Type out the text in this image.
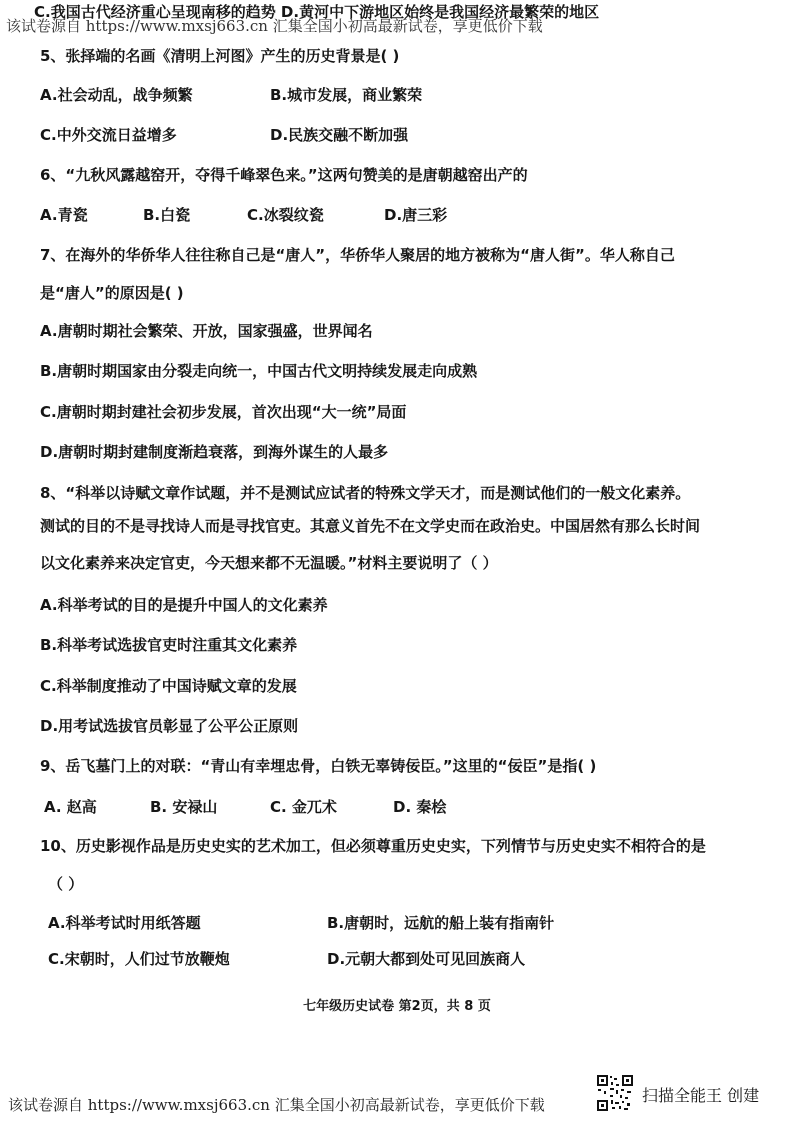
C.我国古代经济重心呈现南移的趋势 D.黄河中下游地区始终是我国经济最繁荣的地区
该试卷源自 https://www.mxsj663.cn 汇集全国小初高最新试卷，享更低价下载
5、张择端的名画《清明上河图》产生的历史背景是( )
A.社会动乱，战争频繁	B.城市发展，商业繁荣
C.中外交流日益增多	D.民族交融不断加强
6、“九秋风露越窑开，夺得千峰翠色来。”这两句赞美的是唐朝越窑出产的
A.青瓷	B.白瓷	C.冰裂纹瓷	D.唐三彩
7、在海外的华侨华人往往称自己是“唐人”，华侨华人聚居的地方被称为“唐人街”。华人称自己
是“唐人”的原因是( )
A.唐朝时期社会繁荣、开放，国家强盛，世界闻名
B.唐朝时期国家由分裂走向统一，中国古代文明持续发展走向成熟
C.唐朝时期封建社会初步发展，首次出现“大一统”局面
D.唐朝时期封建制度渐趋衰落，到海外谋生的人最多
8、“科举以诗赋文章作试题，并不是测试应试者的特殊文学天才，而是测试他们的一般文化素养。
测试的目的不是寻找诗人而是寻找官吏。其意义首先不在文学史而在政治史。中国居然有那么长时间
以文化素养来决定官吏，今天想来都不无温暖。”材料主要说明了（ ）
A.科举考试的目的是提升中国人的文化素养
B.科举考试选拔官吏时注重其文化素养
C.科举制度推动了中国诗赋文章的发展
D.用考试选拔官员彰显了公平公正原则
9、岳飞墓门上的对联：“青山有幸埋忠骨，白铁无辜铸佞臣。”这里的“佞臣”是指( )
A. 赵高	B. 安禄山	C. 金兀术	D. 秦桧
10、历史影视作品是历史史实的艺术加工，但必须尊重历史史实，下列情节与历史史实不相符合的是
（ ）
A.科举考试时用纸答题	B.唐朝时，远航的船上装有指南针
C.宋朝时，人们过节放鞭炮	D.元朝大都到处可见回族商人
七年级历史试卷 第2页，共 8 页
该试卷源自 https://www.mxsj663.cn 汇集全国小初高最新试卷，享更低价下载	扫描全能王 创建
